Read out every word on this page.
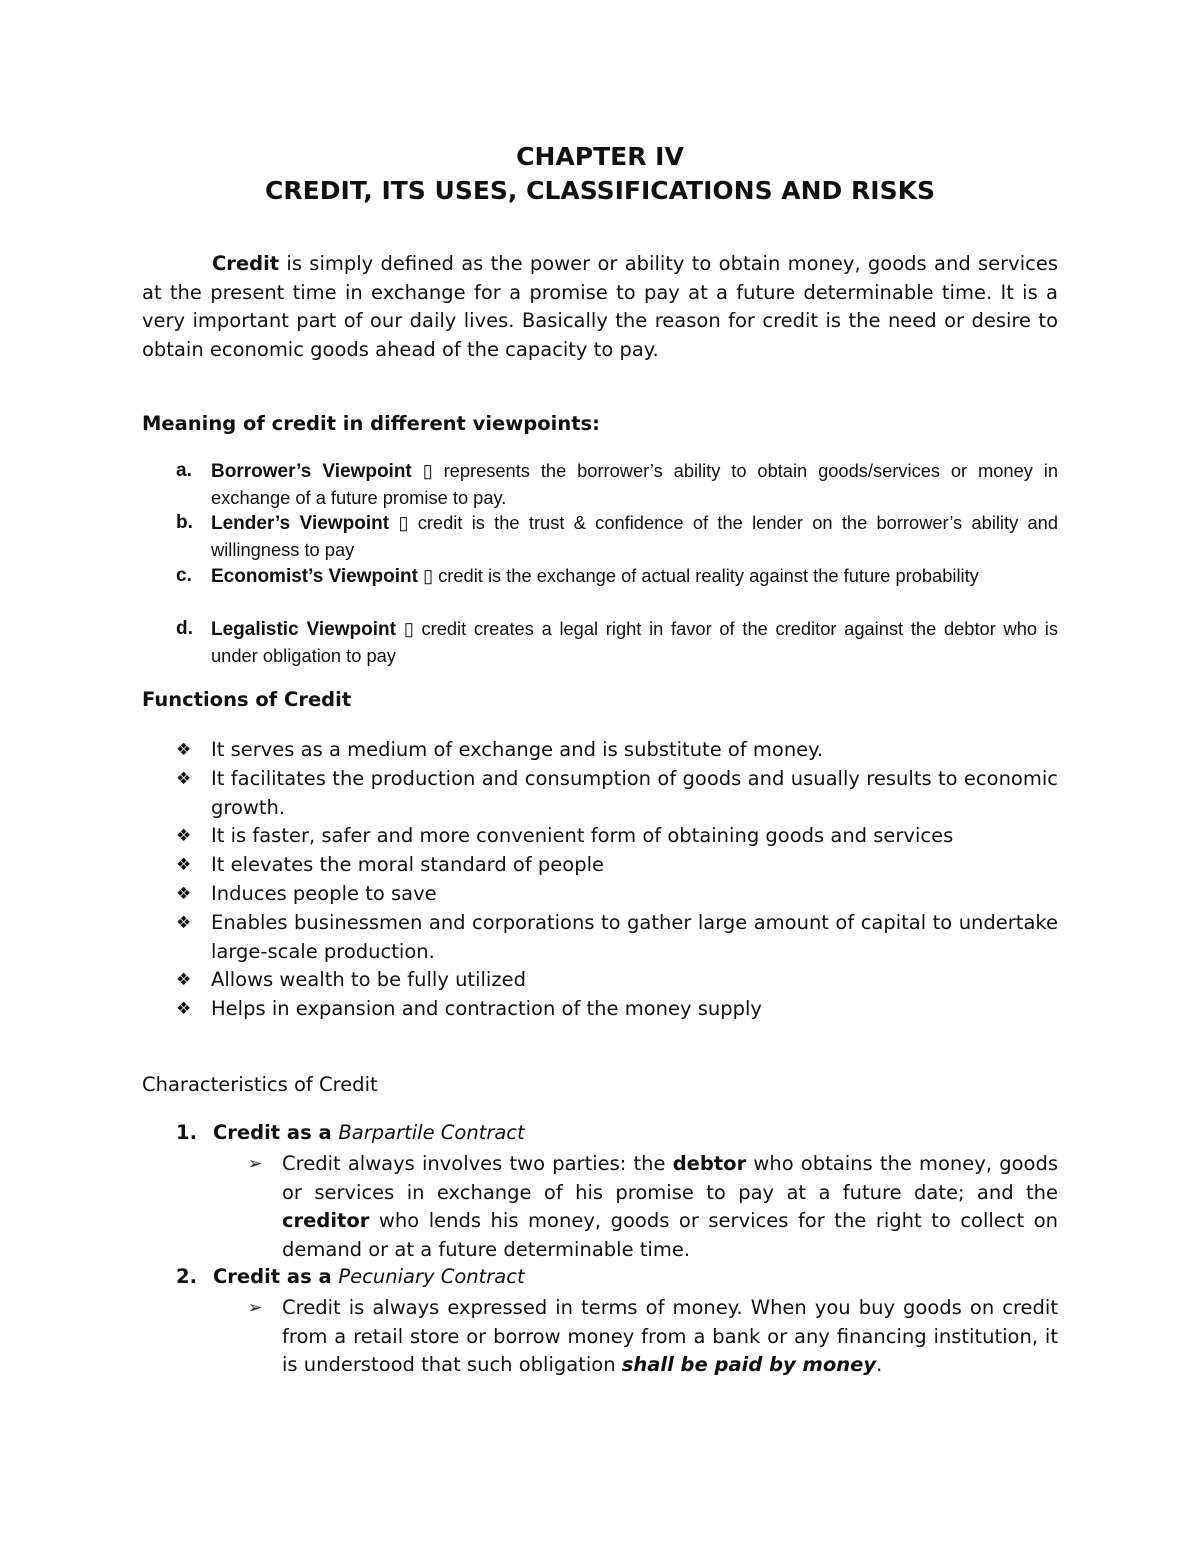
CHAPTER IV
CREDIT, ITS USES, CLASSIFICATIONS AND RISKS

Credit is simply defined as the power or ability to obtain money, goods and services at the present time in exchange for a promise to pay at a future determinable time. It is a very important part of our daily lives. Basically the reason for credit is the need or desire to obtain economic goods ahead of the capacity to pay.

Meaning of credit in different viewpoints:
a. Borrower’s Viewpoint ▯ represents the borrower’s ability to obtain goods/services or money in exchange of a future promise to pay.
b. Lender’s Viewpoint ▯ credit is the trust & confidence of the lender on the borrower’s ability and willingness to pay
c. Economist’s Viewpoint ▯ credit is the exchange of actual reality against the future probability
d. Legalistic Viewpoint ▯ credit creates a legal right in favor of the creditor against the debtor who is under obligation to pay
Functions of Credit
❖ It serves as a medium of exchange and is substitute of money.
❖ It facilitates the production and consumption of goods and usually results to economic growth.
❖ It is faster, safer and more convenient form of obtaining goods and services
❖ It elevates the moral standard of people
❖ Induces people to save
❖ Enables businessmen and corporations to gather large amount of capital to undertake large-scale production.
❖ Allows wealth to be fully utilized
❖ Helps in expansion and contraction of the money supply
Characteristics of Credit
1. Credit as a Barpartile Contract
➢ Credit always involves two parties: the debtor who obtains the money, goods or services in exchange of his promise to pay at a future date; and the creditor who lends his money, goods or services for the right to collect on demand or at a future determinable time.
2. Credit as a Pecuniary Contract
➢ Credit is always expressed in terms of money. When you buy goods on credit from a retail store or borrow money from a bank or any financing institution, it is understood that such obligation shall be paid by money.
